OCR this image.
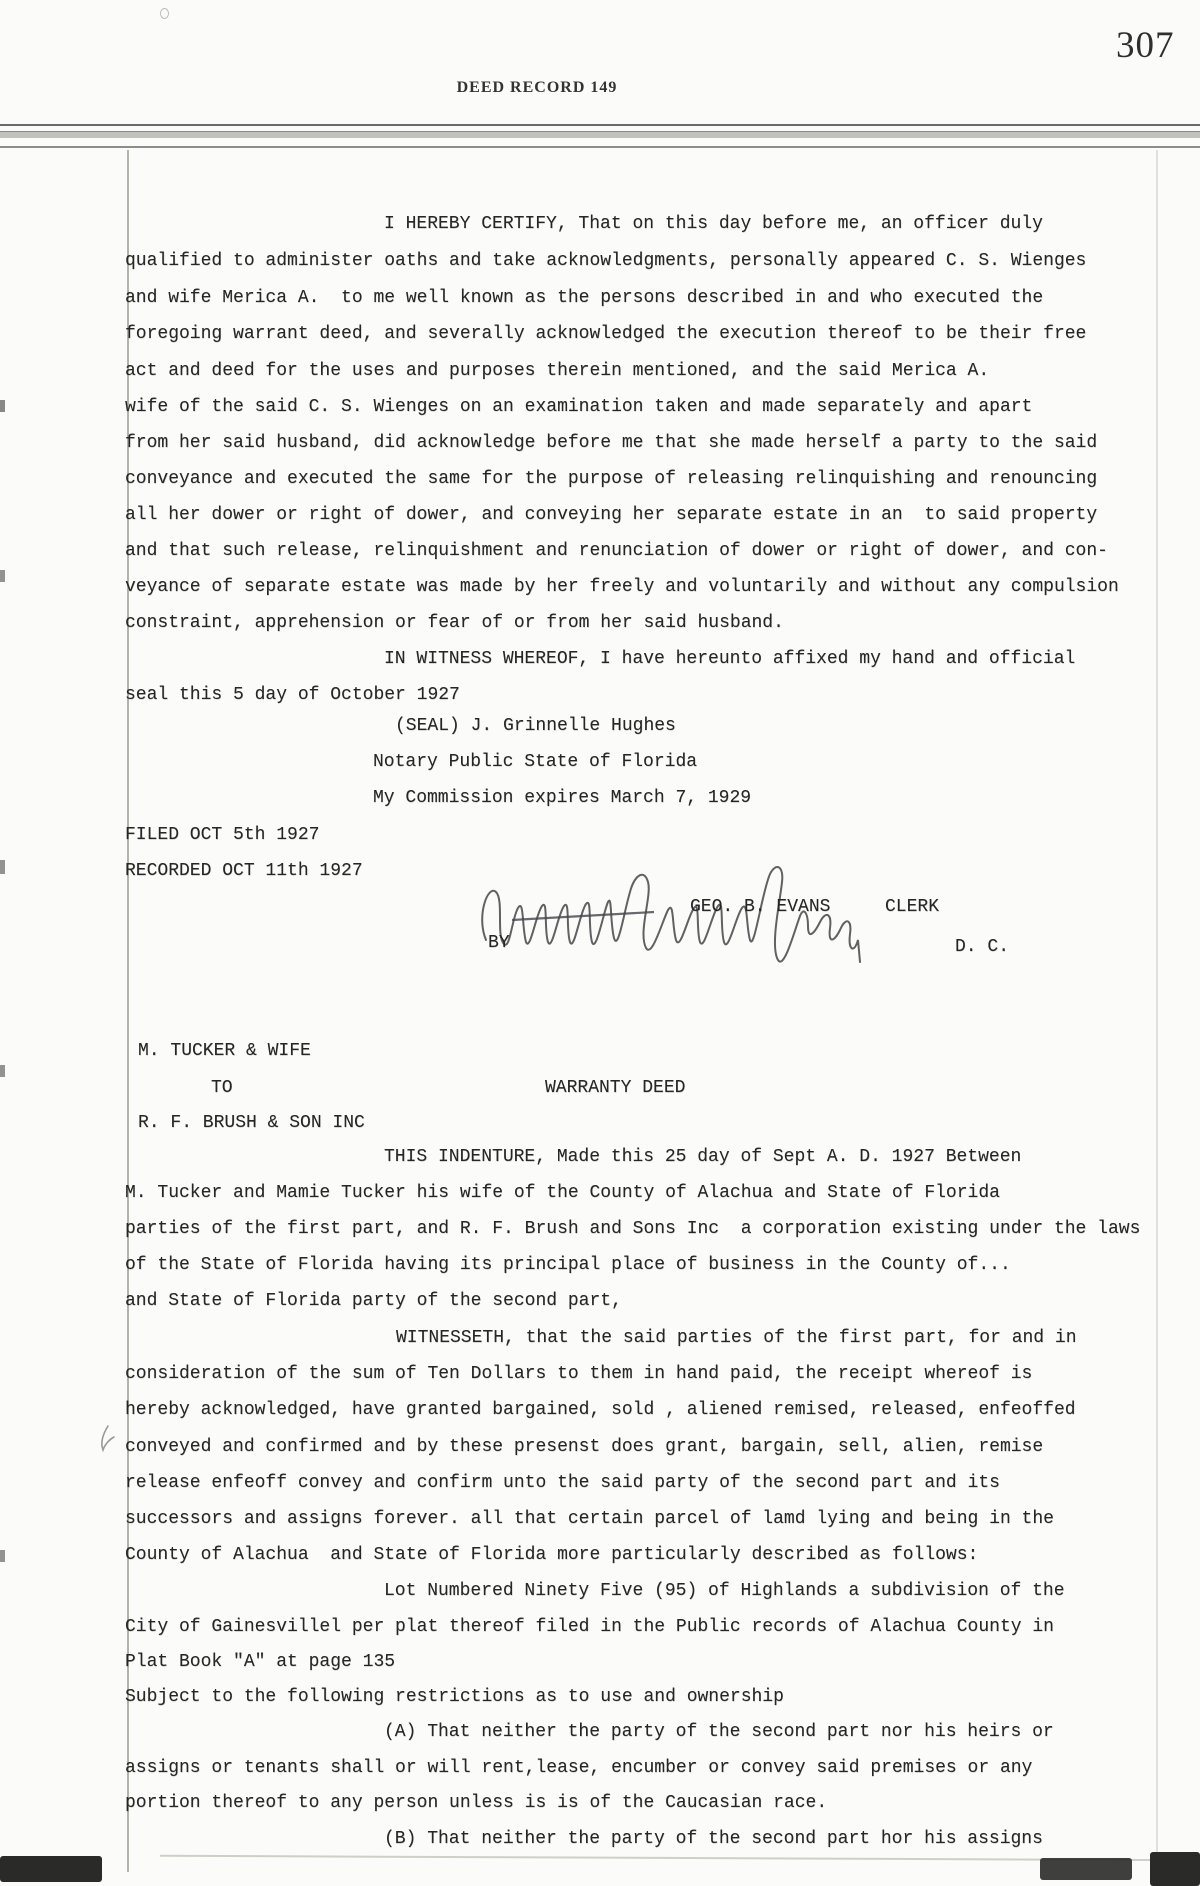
307
DEED RECORD 149
I HEREBY CERTIFY, That on this day before me, an officer duly
qualified to administer oaths and take acknowledgments, personally appeared C. S. Wienges
and wife Merica A.  to me well known as the persons described in and who executed the
foregoing warrant deed, and severally acknowledged the execution thereof to be their free
act and deed for the uses and purposes therein mentioned, and the said Merica A.
wife of the said C. S. Wienges on an examination taken and made separately and apart
from her said husband, did acknowledge before me that she made herself a party to the said
conveyance and executed the same for the purpose of releasing relinquishing and renouncing
all her dower or right of dower, and conveying her separate estate in an  to said property
and that such release, relinquishment and renunciation of dower or right of dower, and con-
veyance of separate estate was made by her freely and voluntarily and without any compulsion
constraint, apprehension or fear of or from her said husband.
IN WITNESS WHEREOF, I have hereunto affixed my hand and official
seal this 5 day of October 1927
(SEAL) J. Grinnelle Hughes
Notary Public State of Florida
My Commission expires March 7, 1929
FILED OCT 5th 1927
RECORDED OCT 11th 1927
GEO. B. EVANS	CLERK
BY	D. C.
M. TUCKER & WIFE
TO	WARRANTY DEED
R. F. BRUSH & SON INC
THIS INDENTURE, Made this 25 day of Sept A. D. 1927 Between
M. Tucker and Mamie Tucker his wife of the County of Alachua and State of Florida
parties of the first part, and R. F. Brush and Sons Inc  a corporation existing under the laws
of the State of Florida having its principal place of business in the County of...
and State of Florida party of the second part,
WITNESSETH, that the said parties of the first part, for and in
consideration of the sum of Ten Dollars to them in hand paid, the receipt whereof is
hereby acknowledged, have granted bargained, sold , aliened remised, released, enfeoffed
conveyed and confirmed and by these presenst does grant, bargain, sell, alien, remise
release enfeoff convey and confirm unto the said party of the second part and its
successors and assigns forever. all that certain parcel of lamd lying and being in the
County of Alachua  and State of Florida more particularly described as follows:
Lot Numbered Ninety Five (95) of Highlands a subdivision of the
City of Gainesvillel per plat thereof filed in the Public records of Alachua County in
Plat Book "A" at page 135
Subject to the following restrictions as to use and ownership
(A) That neither the party of the second part nor his heirs or
assigns or tenants shall or will rent,lease, encumber or convey said premises or any
portion thereof to any person unless is is of the Caucasian race.
(B) That neither the party of the second part hor his assigns
